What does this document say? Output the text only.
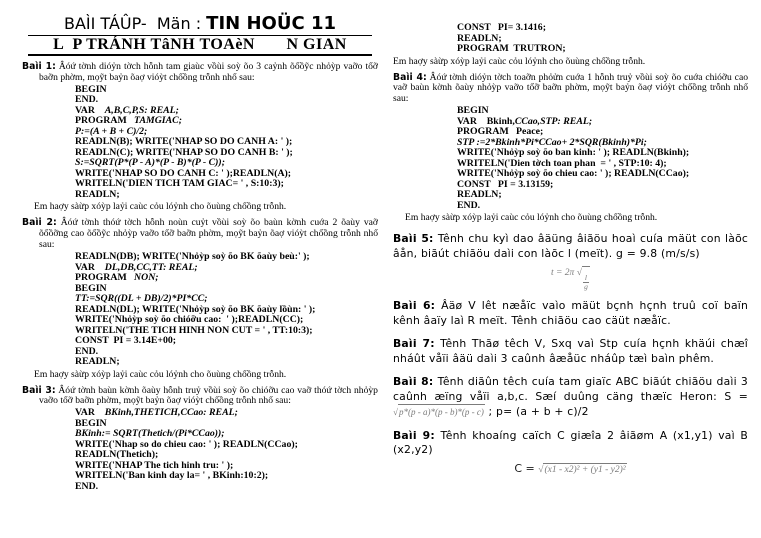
BAÌI TÁÛP-  Män : TIN HOÜC 11

L  P TRÁNH TâNH TOAèN       N GIAN

Baìi 1: Âóứ tờnh dióỷn tờch hỗnh tam giaùc vồùi soỳ õo 3 caỷnh õổồỹc nhỏỳp vaỡo tổỡ baỡn phờm, mọỹt baỷn õaợ vióỳt chổồng trỗnh nhổ sau:

BEGIN
END.
VAR    A,B,C,P,S: REAL;
PROGRAM   TAMGIAC;
P:=(A + B + C)/2;
READLN(B); WRITE('NHAP SO DO CANH A: ' );
READLN(C); WRITE('NHAP SO DO CANH B: ' );
S:=SQRT(P*(P - A)*(P - B)*(P - C));
WRITE('NHAP SO DO CANH C: ' );READLN(A);
WRITELN('DIEN TICH TAM GIAC= ' , S:10:3);
READLN;

Em haợy sàừp xóỳp laỷi caùc cỏu lóỷnh cho õuùng chổồng trỗnh.

Baìi 2: Âóứ tờnh thóứ tờch hỗnh noùn cuỷt vồùi soỳ õo baùn kờnh cuớa 2 õaùy vaỡ õổồỡng cao õổồỹc nhỏỳp vaỡo tổỡ baỡn phờm, mọỹt baỷn õaợ vióỳt chổồng trỗnh nhổ sau:

READLN(DB); WRITE('Nhỏỳp soỳ õo BK õaùy beù:' );
VAR    DL,DB,CC,TT: REAL;
PROGRAM   NON;
BEGIN
TT:=SQR((DL + DB)/2)*PI*CC;
READLN(DL); WRITE('Nhỏỳp soỳ õo BK õaùy lồùn: ' );
WRITE('Nhỏỳp soỳ õo chióỡu cao:  ' );READLN(CC);
WRITELN('THE TICH HINH NON CUT = ' , TT:10:3);
CONST  PI = 3.14E+00;
END.
READLN;

Em haợy sàừp xóỳp laỷi caùc cỏu lóỷnh cho õuùng chổồng trỗnh.

Baìi 3: Âóứ tờnh baùn kờnh õaùy hỗnh truỷ vồùi soỳ õo chióỡu cao vaỡ thóứ tờch nhỏỳp vaỡo tổỡ baỡn phờm, mọỹt baỷn õaợ vióỳt chổồng trỗnh nhổ sau:

VAR    BKinh,THETICH,CCao: REAL;
BEGIN
BKinh:= SQRT(Thetich/(Pi*CCao));
WRITE('Nhap so do chieu cao: ' ); READLN(CCao);
READLN(Thetich);
WRITE('NHAP The tich hinh tru: ' );
WRITELN('Ban kinh day la= ' , BKinh:10:2);
END.
CONST   PI= 3.1416;
READLN;
PROGRAM  TRUTRON;

Em haợy sàừp xóỳp laỷi caùc cỏu lóỷnh cho õuùng chổồng trỗnh.

Baìi 4: Âóứ tờnh dióỷn tờch toaỡn phỏửn cuớa 1 hỗnh truỷ vồùi soỳ õo cuớa chióỡu cao vaỡ baùn kờnh õaùy nhỏỳp vaỡo tổỡ baỡn phờm, mọỹt baỷn õaợ vióỳt chổồng trỗnh nhổ sau:

BEGIN
VAR    Bkinh,CCao,STP: REAL;
PROGRAM   Peace;
STP :=2*Bkinh*Pi*CCao+ 2*SQR(Bkinh)*Pi;
WRITE('Nhỏỳp soỳ õo ban kinh: ' ); READLN(Bkinh);
WRITELN('Dien tờch toan phan  = ' , STP:10: 4);
WRITE('Nhỏỳp soỳ õo chieu cao: ' ); READLN(CCao);
CONST   PI = 3.13159;
READLN;
END.

Em haợy sàừp xóỳp laỷi caùc cỏu lóỷnh cho õuùng chổồng trỗnh.

Baìi 5: Tênh chu kyì dao âäüng âiãöu hoaì cuía mäüt con làõc âån, biãút chiãöu daìi con làõc l (meït). g = 9.8 (m/s/s)

t = 2π
√ $\frac{l}{g}$

Baìi 6: Âäø V lêt næåïc vaìo mäüt bçnh hçnh truû coï baïn kênh âaïy laì R meït. Tênh chiãöu cao cäüt næåïc.

Baìi 7: Tênh Thãø têch V, Sxq vaì Stp cuía hçnh khäúi chæî nháût våïi âäü daìi 3 caûnh âæåüc nháûp tæì baìn phêm.

Baìi 8: Tênh diãûn têch cuía tam giaïc ABC biãút chiãöu daìi 3 caûnh æïng våïi a,b,c. Sæí duûng cäng thæïc Heron: S = √ p*(p - a)*(p - b)*(p - c) ; p= (a + b + c)/2

Baìi 9: Tênh khoaíng caïch C giæîa 2 âiãøm A (x1,y1) vaì B (x2,y2)

C = √ (x1 - x2)² + (y1 - y2)²
